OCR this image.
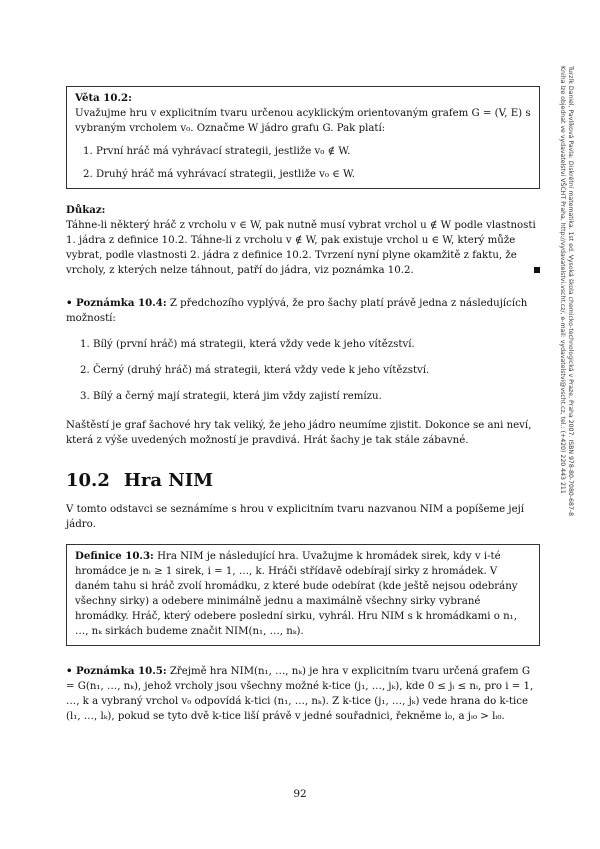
Věta 10.2:
Uvažujme hru v explicitním tvaru určenou acyklickým orientovaným grafem G = (V, E) s vybraným vrcholem v₀. Označme W jádro grafu G. Pak platí:
1. První hráč má vyhrávací strategii, jestliže v₀ ∉ W.
2. Druhý hráč má vyhrávací strategii, jestliže v₀ ∈ W.
Důkaz:
Táhne-li některý hráč z vrcholu v ∈ W, pak nutně musí vybrat vrchol u ∉ W podle vlastnosti 1. jádra z definice 10.2. Táhne-li z vrcholu v ∉ W, pak existuje vrchol u ∈ W, který může vybrat, podle vlastnosti 2. jádra z definice 10.2. Tvrzení nyní plyne okamžitě z faktu, že vrcholy, z kterých nelze táhnout, patří do jádra, viz poznámka 10.2.
• Poznámka 10.4: Z předchozího vyplývá, že pro šachy platí právě jedna z následujících možností:
1. Bílý (první hráč) má strategii, která vždy vede k jeho vítězství.
2. Černý (druhý hráč) má strategii, která vždy vede k jeho vítězství.
3. Bílý a černý mají strategii, která jim vždy zajistí remízu.
Naštěstí je graf šachové hry tak veliký, že jeho jádro neumíme zjistit. Dokonce se ani neví, která z výše uvedených možností je pravdivá. Hrát šachy je tak stále zábavné.
10.2 Hra NIM
V tomto odstavci se seznámíme s hrou v explicitním tvaru nazvanou NIM a popíšeme její jádro.
Definice 10.3: Hra NIM je následující hra. Uvažujme k hromádek sirek, kdy v i-té hromádce je nᵢ ≥ 1 sirek, i = 1, …, k. Hráči střídavě odebírají sirky z hromádek. V daném tahu si hráč zvolí hromádku, z které bude odebírat (kde ještě nejsou odebrány všechny sirky) a odebere minimálně jednu a maximálně všechny sirky vybrané hromádky. Hráč, který odebere poslední sirku, vyhrál. Hru NIM s k hromádkami o n₁, …, nₖ sirkách budeme značit NIM(n₁, …, nₖ).
• Poznámka 10.5: Zřejmě hra NIM(n₁, …, nₖ) je hra v explicitním tvaru určená grafem G = G(n₁, …, nₖ), jehož vrcholy jsou všechny možné k-tice (j₁, …, jₖ), kde 0 ≤ jᵢ ≤ nᵢ, pro i = 1, …, k a vybraný vrchol v₀ odpovídá k-tici (n₁, …, nₖ). Z k-tice (j₁, …, jₖ) vede hrana do k-tice (l₁, …, lₖ), pokud se tyto dvě k-tice liší právě v jedné souřadnici, řekněme i₀, a jᵢ₀ > lᵢ₀.
92
Turzík Daniel, Pavlíková Pavla: Diskrétní matematika. 1st ed. Vysoká škola chemicko-technologická v Praze, Praha 2007. ISBN 978-80-7080-687-8
Kniha lze objednat ve vydavatelství VŠCHT Praha, http://vydavatelstvi.vscht.cz/, e-mail: vydavatelstvi@vscht.cz, tel.: (+420) 220 443 211
